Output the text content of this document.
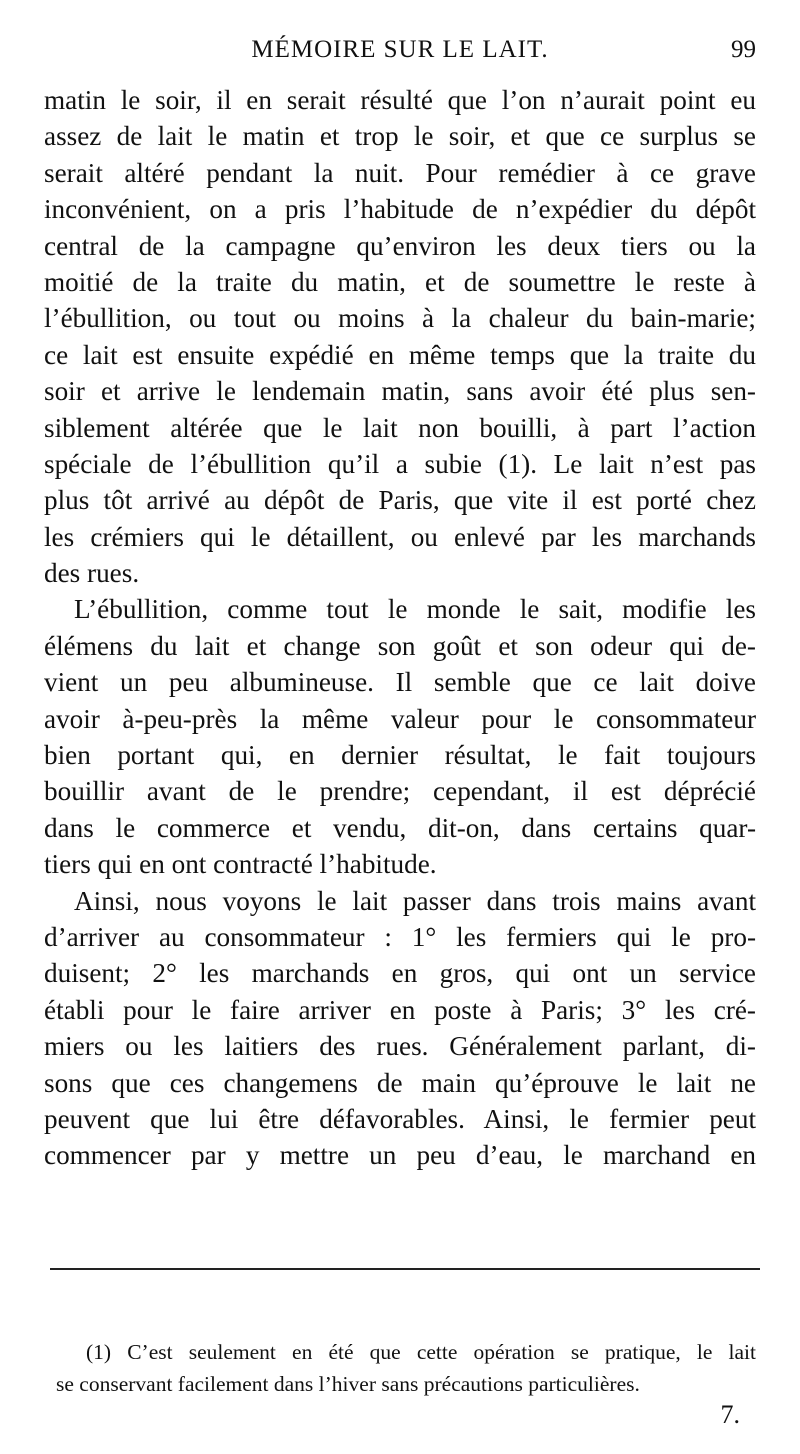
MÉMOIRE SUR LE LAIT.	99
matin le soir, il en serait résulté que l’on n’aurait point eu
assez de lait le matin et trop le soir, et que ce surplus se
serait altéré pendant la nuit. Pour remédier à ce grave
inconvénient, on a pris l’habitude de n’expédier du dépôt
central de la campagne qu’environ les deux tiers ou la
moitié de la traite du matin, et de soumettre le reste à
l’ébullition, ou tout ou moins à la chaleur du bain-marie;
ce lait est ensuite expédié en même temps que la traite du
soir et arrive le lendemain matin, sans avoir été plus sen-
siblement altérée que le lait non bouilli, à part l’action
spéciale de l’ébullition qu’il a subie (1). Le lait n’est pas
plus tôt arrivé au dépôt de Paris, que vite il est porté chez
les crémiers qui le détaillent, ou enlevé par les marchands
des rues.
L’ébullition, comme tout le monde le sait, modifie les
élémens du lait et change son goût et son odeur qui de-
vient un peu albumineuse. Il semble que ce lait doive
avoir à-peu-près la même valeur pour le consommateur
bien portant qui, en dernier résultat, le fait toujours
bouillir avant de le prendre; cependant, il est déprécié
dans le commerce et vendu, dit-on, dans certains quar-
tiers qui en ont contracté l’habitude.
Ainsi, nous voyons le lait passer dans trois mains avant
d’arriver au consommateur : 1° les fermiers qui le pro-
duisent; 2° les marchands en gros, qui ont un service
établi pour le faire arriver en poste à Paris; 3° les cré-
miers ou les laitiers des rues. Généralement parlant, di-
sons que ces changemens de main qu’éprouve le lait ne
peuvent que lui être défavorables. Ainsi, le fermier peut
commencer par y mettre un peu d’eau, le marchand en
(1) C’est seulement en été que cette opération se pratique, le lait
se conservant facilement dans l’hiver sans précautions particulières.
7.
